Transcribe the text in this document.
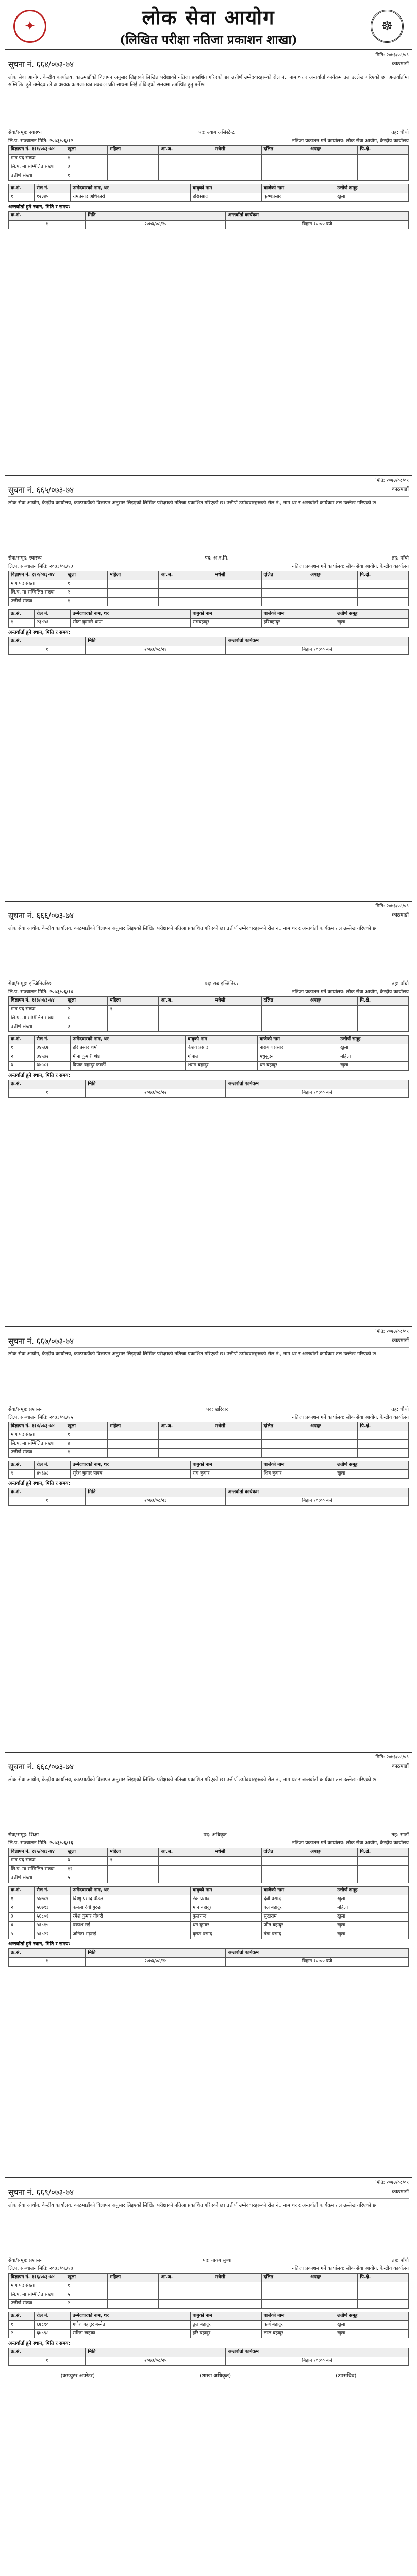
✦	लोक सेवा आयोग
(लिखित परीक्षा नतिजा प्रकाशन शाखा)
☸
मिति: २०७३/०८/०९
सूचना नं. ६६४/०७३-७४	काठमाडौं

लोक सेवा आयोग, केन्द्रीय कार्यालय, काठमाडौंको विज्ञापन अनुसार लिइएको लिखित परीक्षाको नतिजा प्रकाशित गरिएको छ। उत्तीर्ण उम्मेदवारहरूको रोल नं., नाम थर र अन्तर्वार्ता कार्यक्रम तल उल्लेख गरिएको छ। अन्तर्वार्तामा सम्मिलित हुने उम्मेदवारले आवश्यक कागजातका सक्कल प्रति साथमा लिई तोकिएको समयमा उपस्थित हुनु पर्नेछ।

सेवा/समूह: स्वास्थ्य	पद: ल्याब असिस्टेन्ट	तह: चौथो
लि.प. सञ्चालन मिति: २०७३/०६/१२	नतिजा प्रकाशन गर्ने कार्यालय: लोक सेवा आयोग, केन्द्रीय कार्यालय
विज्ञापन नं. १११/०७३-७४	खुला	महिला	आ.ज.	मधेसी	दलित	अपाङ्ग	पि.क्षे.
माग पद संख्या	१						
लि.प. मा सम्मिलित संख्या	३						
उत्तीर्ण संख्या	१						
क्र.सं.	रोल नं.	उम्मेदवारको नाम, थर	बाबुको नाम	बाजेको नाम	उत्तीर्ण समूह
१	१२३४५	रामप्रसाद अधिकारी	हरिप्रसाद	कृष्णप्रसाद	खुला
अन्तर्वार्ता हुने स्थान, मिति र समय:
क्र.सं.	मिति	अन्तर्वार्ता कार्यक्रम
१	२०७३/०८/२०	बिहान १०:०० बजे
मिति: २०७३/०८/०९
सूचना नं. ६६५/०७३-७४	काठमाडौं

लोक सेवा आयोग, केन्द्रीय कार्यालय, काठमाडौंको विज्ञापन अनुसार लिइएको लिखित परीक्षाको नतिजा प्रकाशित गरिएको छ। उत्तीर्ण उम्मेदवारहरूको रोल नं., नाम थर र अन्तर्वार्ता कार्यक्रम तल उल्लेख गरिएको छ।

सेवा/समूह: स्वास्थ्य	पद: अ.न.मि.	तह: पाँचौ
लि.प. सञ्चालन मिति: २०७३/०६/१३	नतिजा प्रकाशन गर्ने कार्यालय: लोक सेवा आयोग, केन्द्रीय कार्यालय
विज्ञापन नं. ११२/०७३-७४	खुला	महिला	आ.ज.	मधेसी	दलित	अपाङ्ग	पि.क्षे.
माग पद संख्या	१						
लि.प. मा सम्मिलित संख्या	२						
उत्तीर्ण संख्या	१						
क्र.सं.	रोल नं.	उम्मेदवारको नाम, थर	बाबुको नाम	बाजेको नाम	उत्तीर्ण समूह
१	२३४५६	सीता कुमारी थापा	रामबहादुर	हरिबहादुर	खुला
अन्तर्वार्ता हुने स्थान, मिति र समय:
क्र.सं.	मिति	अन्तर्वार्ता कार्यक्रम
१	२०७३/०८/२१	बिहान १०:०० बजे
मिति: २०७३/०८/०९
सूचना नं. ६६६/०७३-७४	काठमाडौं

लोक सेवा आयोग, केन्द्रीय कार्यालय, काठमाडौंको विज्ञापन अनुसार लिइएको लिखित परीक्षाको नतिजा प्रकाशित गरिएको छ। उत्तीर्ण उम्मेदवारहरूको रोल नं., नाम थर र अन्तर्वार्ता कार्यक्रम तल उल्लेख गरिएको छ।

सेवा/समूह: इन्जिनियरिङ	पद: सब इन्जिनियर	तह: पाँचौ
लि.प. सञ्चालन मिति: २०७३/०६/१४	नतिजा प्रकाशन गर्ने कार्यालय: लोक सेवा आयोग, केन्द्रीय कार्यालय
विज्ञापन नं. ११३/०७३-७४	खुला	महिला	आ.ज.	मधेसी	दलित	अपाङ्ग	पि.क्षे.
माग पद संख्या	२	१					
लि.प. मा सम्मिलित संख्या	८						
उत्तीर्ण संख्या	३						
क्र.सं.	रोल नं.	उम्मेदवारको नाम, थर	बाबुको नाम	बाजेको नाम	उत्तीर्ण समूह
१	३४५६७	हरि प्रसाद शर्मा	केशव प्रसाद	नारायण प्रसाद	खुला
२	३४५७२	मीना कुमारी श्रेष्ठ	गोपाल	मधुसुदन	महिला
३	३४५८१	दिपक बहादुर कार्की	श्याम बहादुर	धन बहादुर	खुला
अन्तर्वार्ता हुने स्थान, मिति र समय:
क्र.सं.	मिति	अन्तर्वार्ता कार्यक्रम
१	२०७३/०८/२२	बिहान १०:०० बजे
मिति: २०७३/०८/०९
सूचना नं. ६६७/०७३-७४	काठमाडौं

लोक सेवा आयोग, केन्द्रीय कार्यालय, काठमाडौंको विज्ञापन अनुसार लिइएको लिखित परीक्षाको नतिजा प्रकाशित गरिएको छ। उत्तीर्ण उम्मेदवारहरूको रोल नं., नाम थर र अन्तर्वार्ता कार्यक्रम तल उल्लेख गरिएको छ।

सेवा/समूह: प्रशासन	पद: खरिदार	तह: चौथो
लि.प. सञ्चालन मिति: २०७३/०६/१५	नतिजा प्रकाशन गर्ने कार्यालय: लोक सेवा आयोग, केन्द्रीय कार्यालय
विज्ञापन नं. ११४/०७३-७४	खुला	महिला	आ.ज.	मधेसी	दलित	अपाङ्ग	पि.क्षे.
माग पद संख्या	१						
लि.प. मा सम्मिलित संख्या	४						
उत्तीर्ण संख्या	१						
क्र.सं.	रोल नं.	उम्मेदवारको नाम, थर	बाबुको नाम	बाजेको नाम	उत्तीर्ण समूह
१	४५६७८	सुरेश कुमार यादव	राम कुमार	शिव कुमार	खुला
अन्तर्वार्ता हुने स्थान, मिति र समय:
क्र.सं.	मिति	अन्तर्वार्ता कार्यक्रम
१	२०७३/०८/२३	बिहान १०:०० बजे
मिति: २०७३/०८/०९
सूचना नं. ६६८/०७३-७४	काठमाडौं

लोक सेवा आयोग, केन्द्रीय कार्यालय, काठमाडौंको विज्ञापन अनुसार लिइएको लिखित परीक्षाको नतिजा प्रकाशित गरिएको छ। उत्तीर्ण उम्मेदवारहरूको रोल नं., नाम थर र अन्तर्वार्ता कार्यक्रम तल उल्लेख गरिएको छ।

सेवा/समूह: शिक्षा	पद: अधिकृत	तह: सातौं
लि.प. सञ्चालन मिति: २०७३/०६/१६	नतिजा प्रकाशन गर्ने कार्यालय: लोक सेवा आयोग, केन्द्रीय कार्यालय
विज्ञापन नं. ११५/०७३-७४	खुला	महिला	आ.ज.	मधेसी	दलित	अपाङ्ग	पि.क्षे.
माग पद संख्या	३	१					
लि.प. मा सम्मिलित संख्या	१२						
उत्तीर्ण संख्या	५						
क्र.सं.	रोल नं.	उम्मेदवारको नाम, थर	बाबुको नाम	बाजेको नाम	उत्तीर्ण समूह
१	५६७८९	विष्णु प्रसाद पौडेल	टंक प्रसाद	देवी प्रसाद	खुला
२	५६७९३	कमला देवी गुरुङ	मान बहादुर	बल बहादुर	महिला
३	५६८०१	रमेश कुमार चौधरी	फुलचन्द	सुखराम	खुला
४	५६८१५	प्रकाश राई	धन कुमार	जीत बहादुर	खुला
५	५६८२२	अनिता भट्टराई	कृष्ण प्रसाद	गंगा प्रसाद	खुला
अन्तर्वार्ता हुने स्थान, मिति र समय:
क्र.सं.	मिति	अन्तर्वार्ता कार्यक्रम
१	२०७३/०८/२४	बिहान १०:०० बजे
मिति: २०७३/०८/०९
सूचना नं. ६६९/०७३-७४	काठमाडौं

लोक सेवा आयोग, केन्द्रीय कार्यालय, काठमाडौंको विज्ञापन अनुसार लिइएको लिखित परीक्षाको नतिजा प्रकाशित गरिएको छ। उत्तीर्ण उम्मेदवारहरूको रोल नं., नाम थर र अन्तर्वार्ता कार्यक्रम तल उल्लेख गरिएको छ।

सेवा/समूह: प्रशासन	पद: नायब सुब्बा	तह: पाँचौ
लि.प. सञ्चालन मिति: २०७३/०६/१७	नतिजा प्रकाशन गर्ने कार्यालय: लोक सेवा आयोग, केन्द्रीय कार्यालय
विज्ञापन नं. ११६/०७३-७४	खुला	महिला	आ.ज.	मधेसी	दलित	अपाङ्ग	पि.क्षे.
माग पद संख्या	१						
लि.प. मा सम्मिलित संख्या	५						
उत्तीर्ण संख्या	२						
क्र.सं.	रोल नं.	उम्मेदवारको नाम, थर	बाबुको नाम	बाजेको नाम	उत्तीर्ण समूह
१	६७८९०	गणेश बहादुर बस्नेत	तुल बहादुर	कर्ण बहादुर	खुला
२	६७८९८	सरिता खड्का	हरि बहादुर	लाल बहादुर	खुला
अन्तर्वार्ता हुने स्थान, मिति र समय:
क्र.सं.	मिति	अन्तर्वार्ता कार्यक्रम
१	२०७३/०८/२५	बिहान १०:०० बजे
(कम्प्युटर अपरेटर)	(शाखा अधिकृत)	(उपसचिव)
